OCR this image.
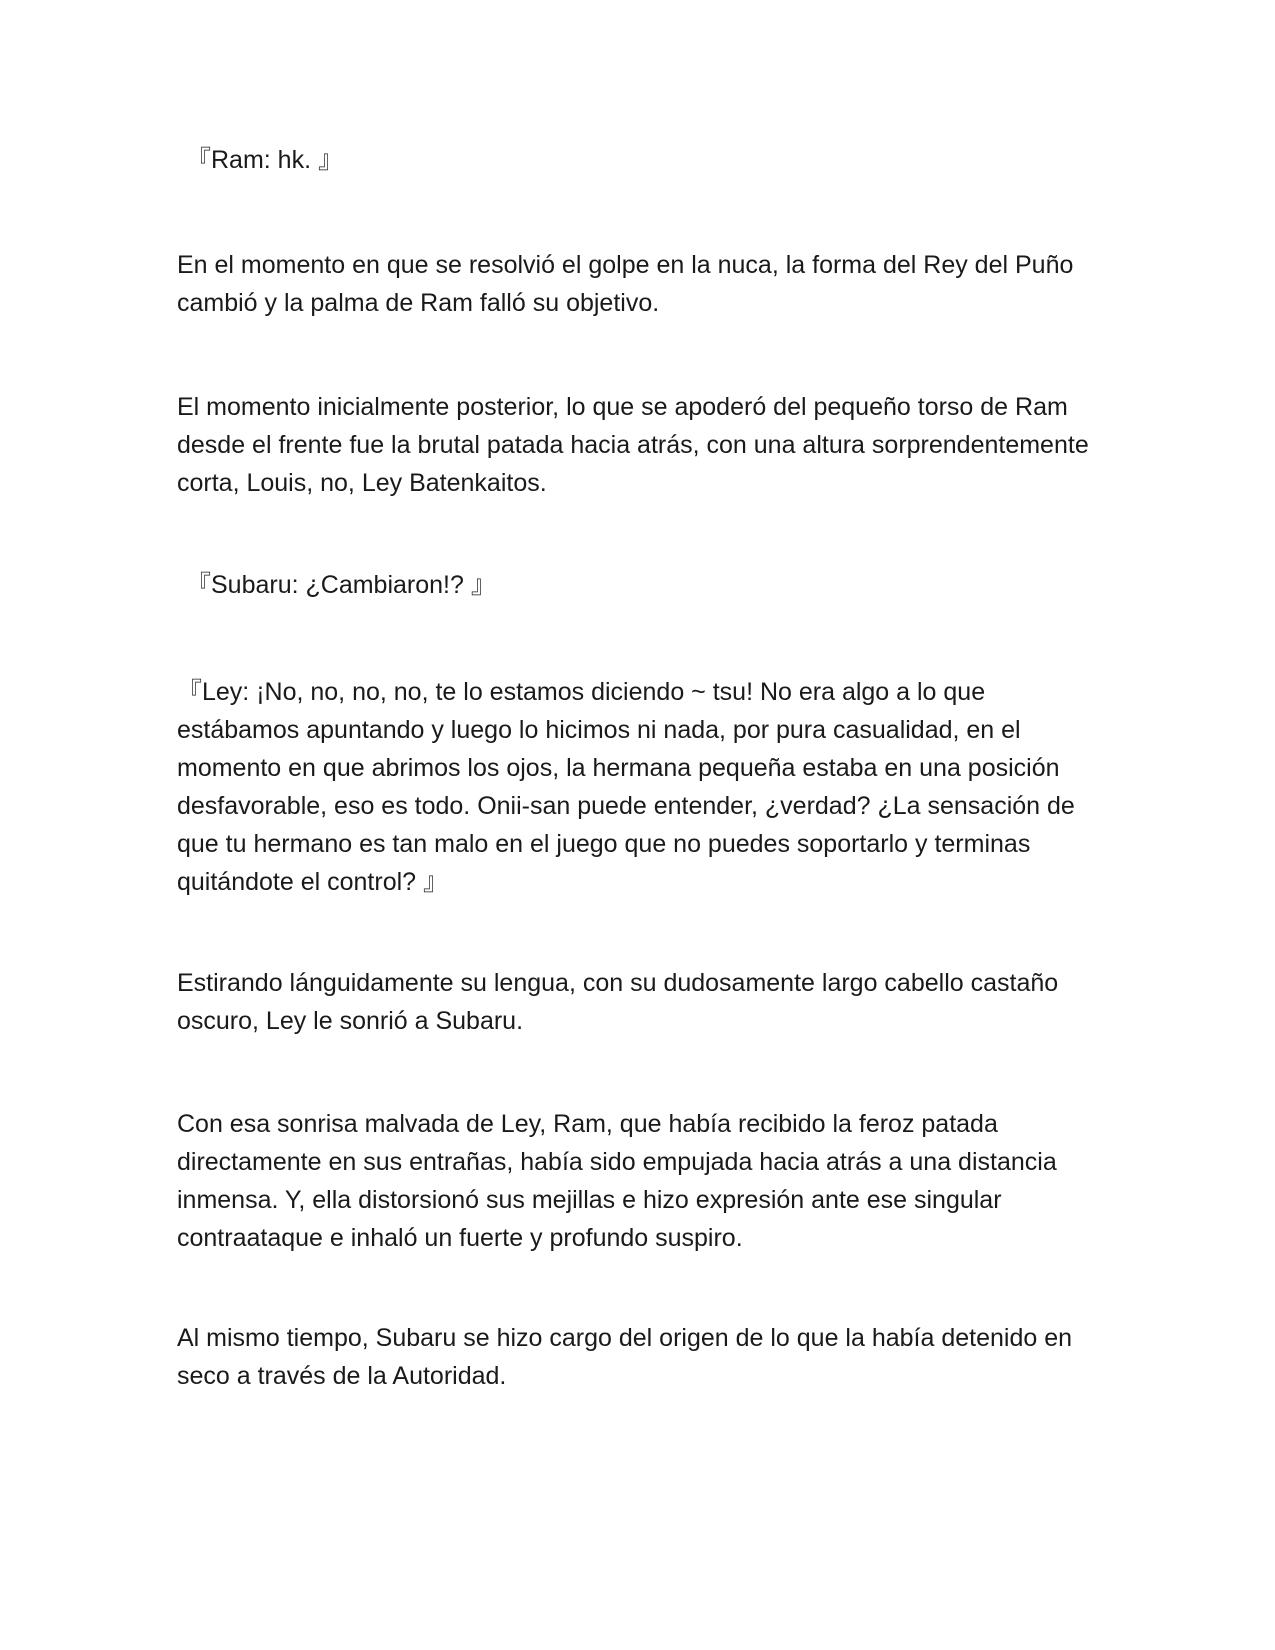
『Ram: hk. 』

En el momento en que se resolvió el golpe en la nuca, la forma del Rey del Puño cambió y la palma de Ram falló su objetivo.

El momento inicialmente posterior, lo que se apoderó del pequeño torso de Ram desde el frente fue la brutal patada hacia atrás, con una altura sorprendentemente corta, Louis, no, Ley Batenkaitos.

『Subaru: ¿Cambiaron!? 』

『Ley: ¡No, no, no, no, te lo estamos diciendo ~ tsu! No era algo a lo que estábamos apuntando y luego lo hicimos ni nada, por pura casualidad, en el momento en que abrimos los ojos, la hermana pequeña estaba en una posición desfavorable, eso es todo. Onii-san puede entender, ¿verdad? ¿La sensación de que tu hermano es tan malo en el juego que no puedes soportarlo y terminas quitándote el control? 』

Estirando lánguidamente su lengua, con su dudosamente largo cabello castaño oscuro, Ley le sonrió a Subaru.

Con esa sonrisa malvada de Ley, Ram, que había recibido la feroz patada directamente en sus entrañas, había sido empujada hacia atrás a una distancia inmensa. Y, ella distorsionó sus mejillas e hizo expresión ante ese singular contraataque e inhaló un fuerte y profundo suspiro.

Al mismo tiempo, Subaru se hizo cargo del origen de lo que la había detenido en seco a través de la Autoridad.
